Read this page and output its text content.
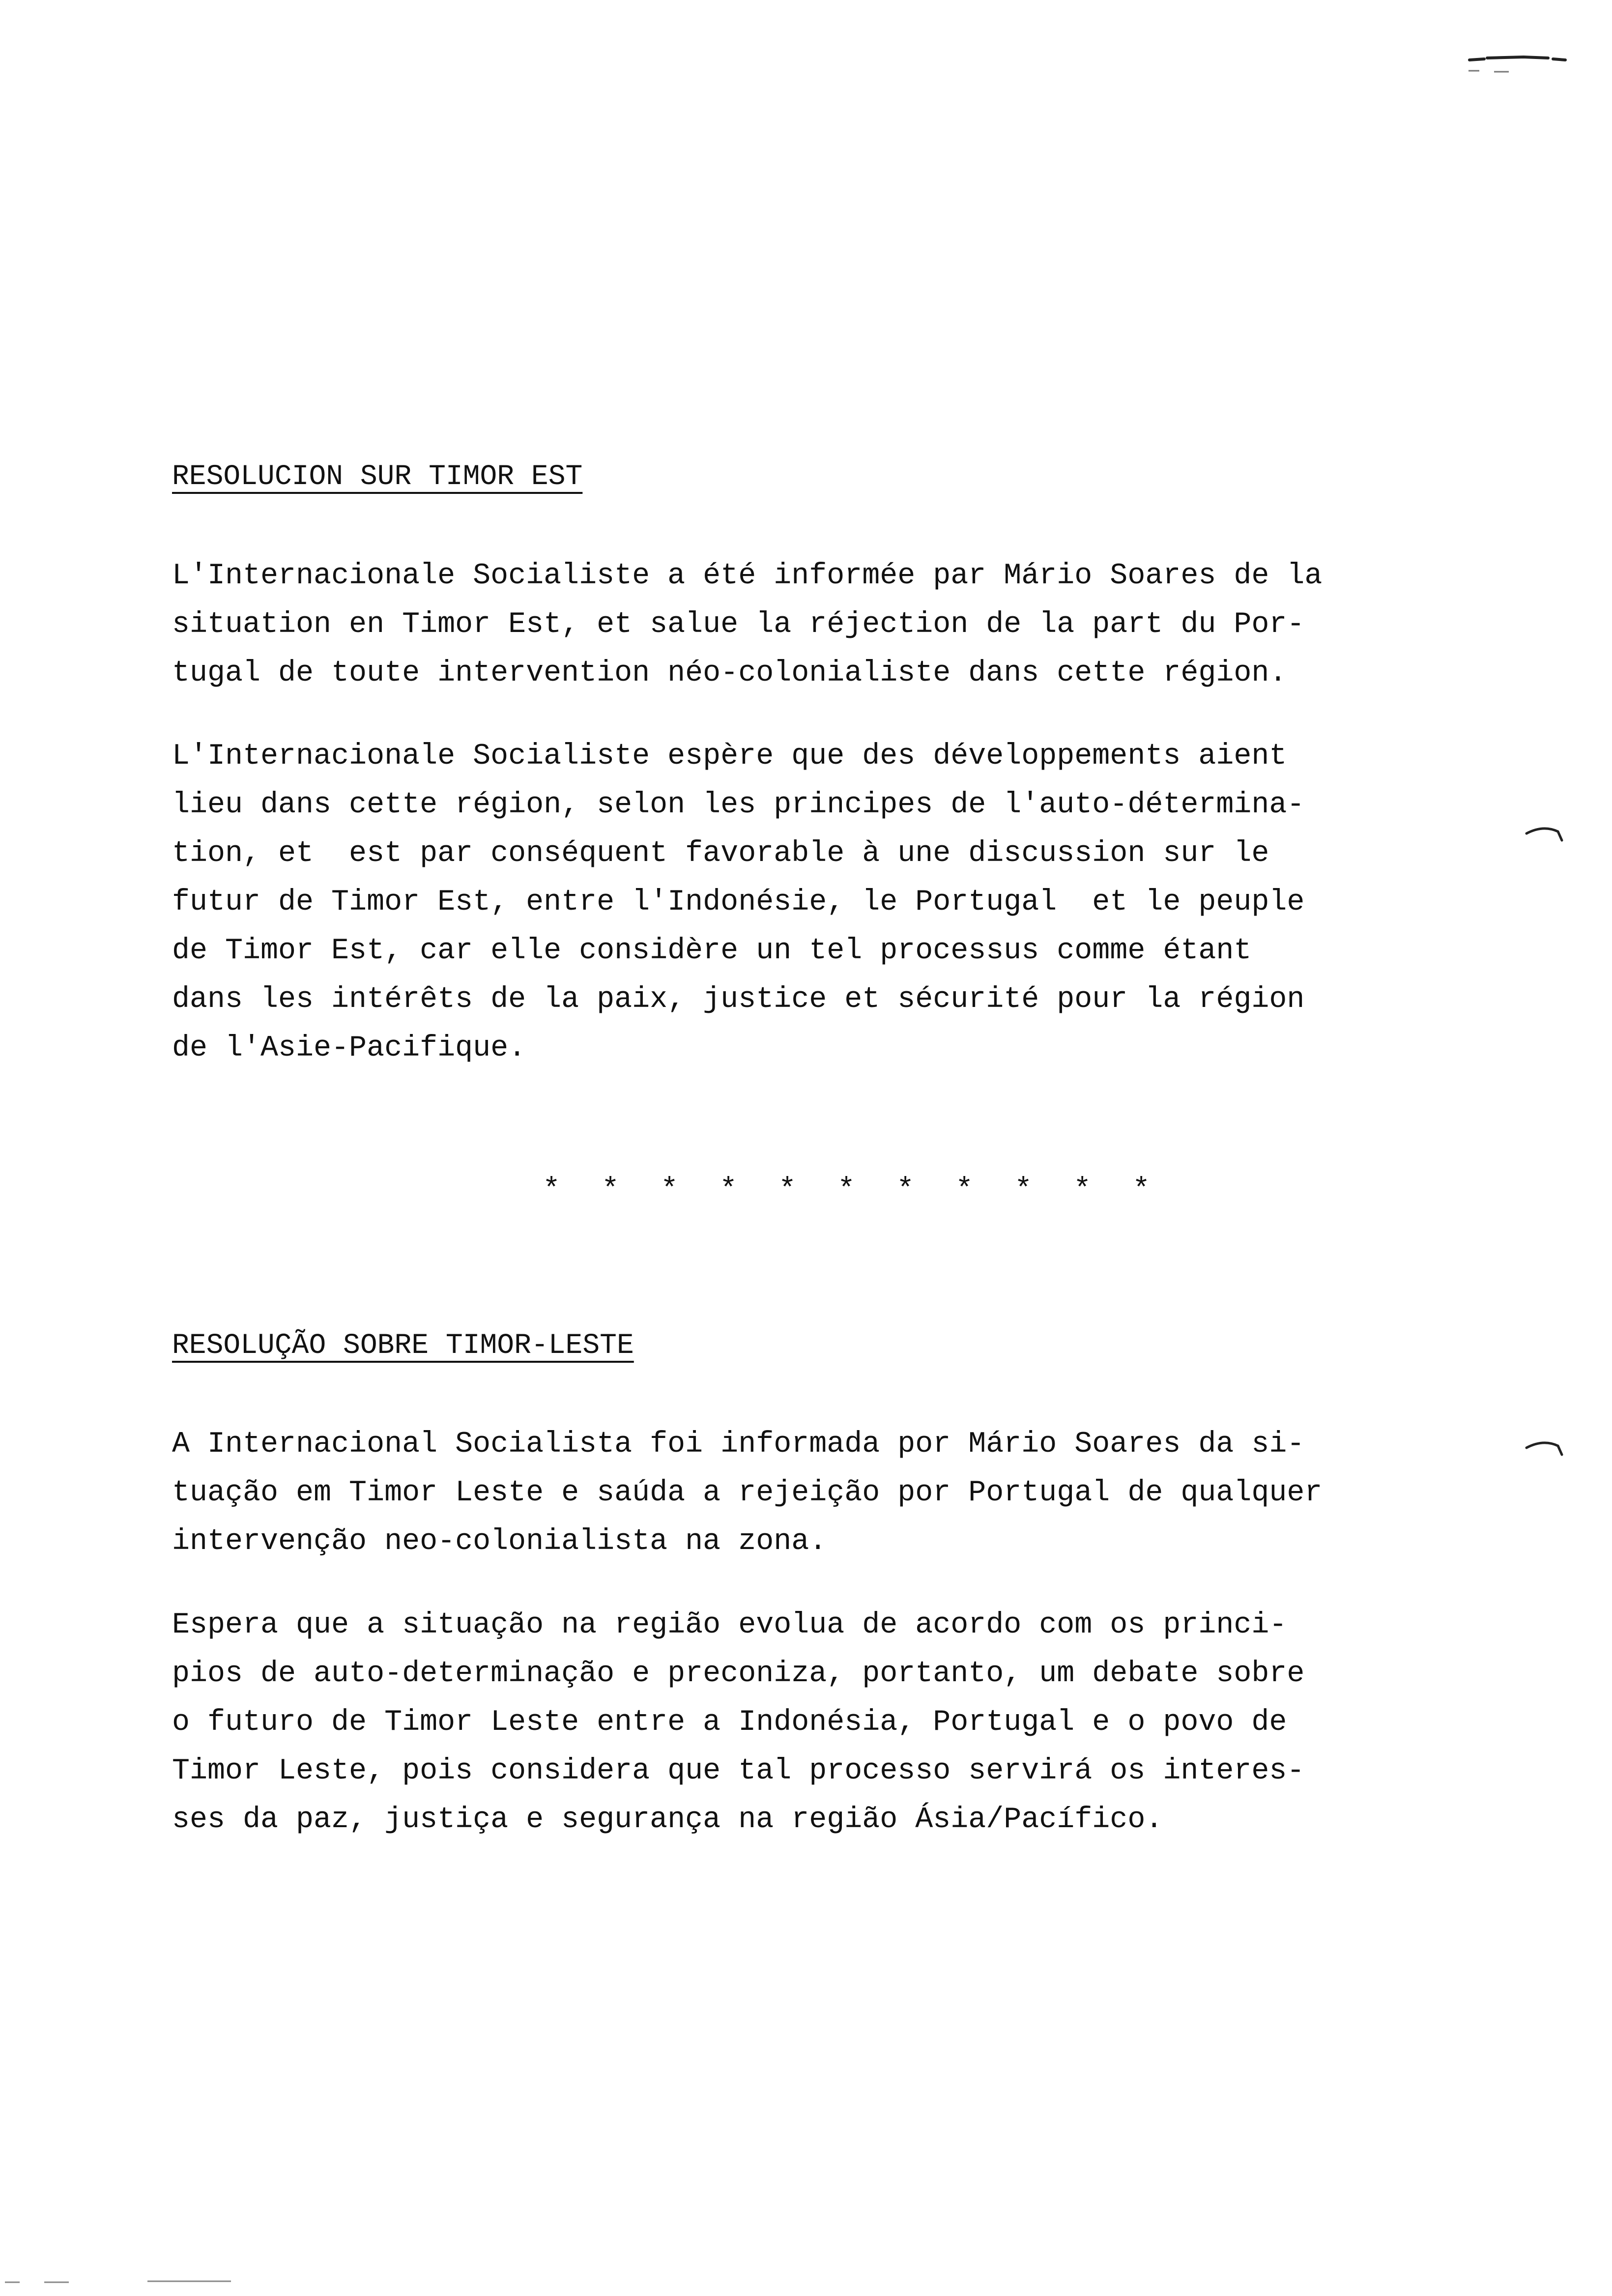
RESOLUCION SUR TIMOR EST
L'Internacionale Socialiste a été informée par Mário Soares de la
situation en Timor Est, et salue la réjection de la part du Por-
tugal de toute intervention néo-colonialiste dans cette région.
L'Internacionale Socialiste espère que des développements aient
lieu dans cette région, selon les principes de l'auto-détermina-
tion, et  est par conséquent favorable à une discussion sur le
futur de Timor Est, entre l'Indonésie, le Portugal  et le peuple
de Timor Est, car elle considère un tel processus comme étant
dans les intérêts de la paix, justice et sécurité pour la région
de l'Asie-Pacifique.
* * * * * * * * * * *
RESOLUÇÃO SOBRE TIMOR-LESTE
A Internacional Socialista foi informada por Mário Soares da si-
tuação em Timor Leste e saúda a rejeição por Portugal de qualquer
intervenção neo-colonialista na zona.
Espera que a situação na região evolua de acordo com os princi-
pios de auto-determinação e preconiza, portanto, um debate sobre
o futuro de Timor Leste entre a Indonésia, Portugal e o povo de
Timor Leste, pois considera que tal processo servirá os interes-
ses da paz, justiça e segurança na região Ásia/Pacífico.
